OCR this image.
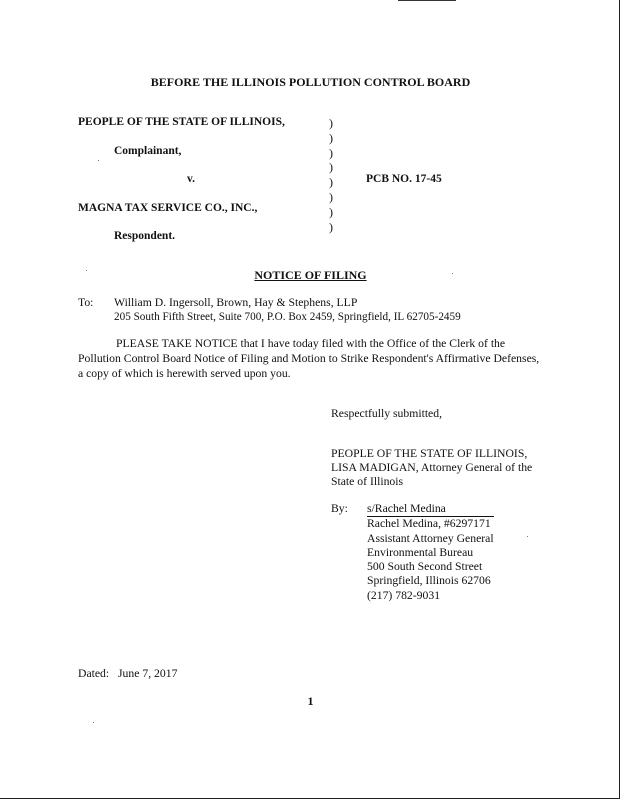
BEFORE THE ILLINOIS POLLUTION CONTROL BOARD
PEOPLE OF THE STATE OF ILLINOIS,
Complainant,
v.	PCB NO. 17-45
MAGNA TAX SERVICE CO., INC.,
Respondent.
)
)
)
)
)
)
)
)
NOTICE OF FILING
To: William D. Ingersoll, Brown, Hay & Stephens, LLP
205 South Fifth Street, Suite 700, P.O. Box 2459, Springfield, IL 62705-2459
PLEASE TAKE NOTICE that I have today filed with the Office of the Clerk of the Pollution Control Board Notice of Filing and Motion to Strike Respondent's Affirmative Defenses, a copy of which is herewith served upon you.
Respectfully submitted,
PEOPLE OF THE STATE OF ILLINOIS,
LISA MADIGAN, Attorney General of the
State of Illinois
By: s/Rachel Medina
Rachel Medina, #6297171
Assistant Attorney General
Environmental Bureau
500 South Second Street
Springfield, Illinois 62706
(217) 782-9031
Dated: June 7, 2017
1
